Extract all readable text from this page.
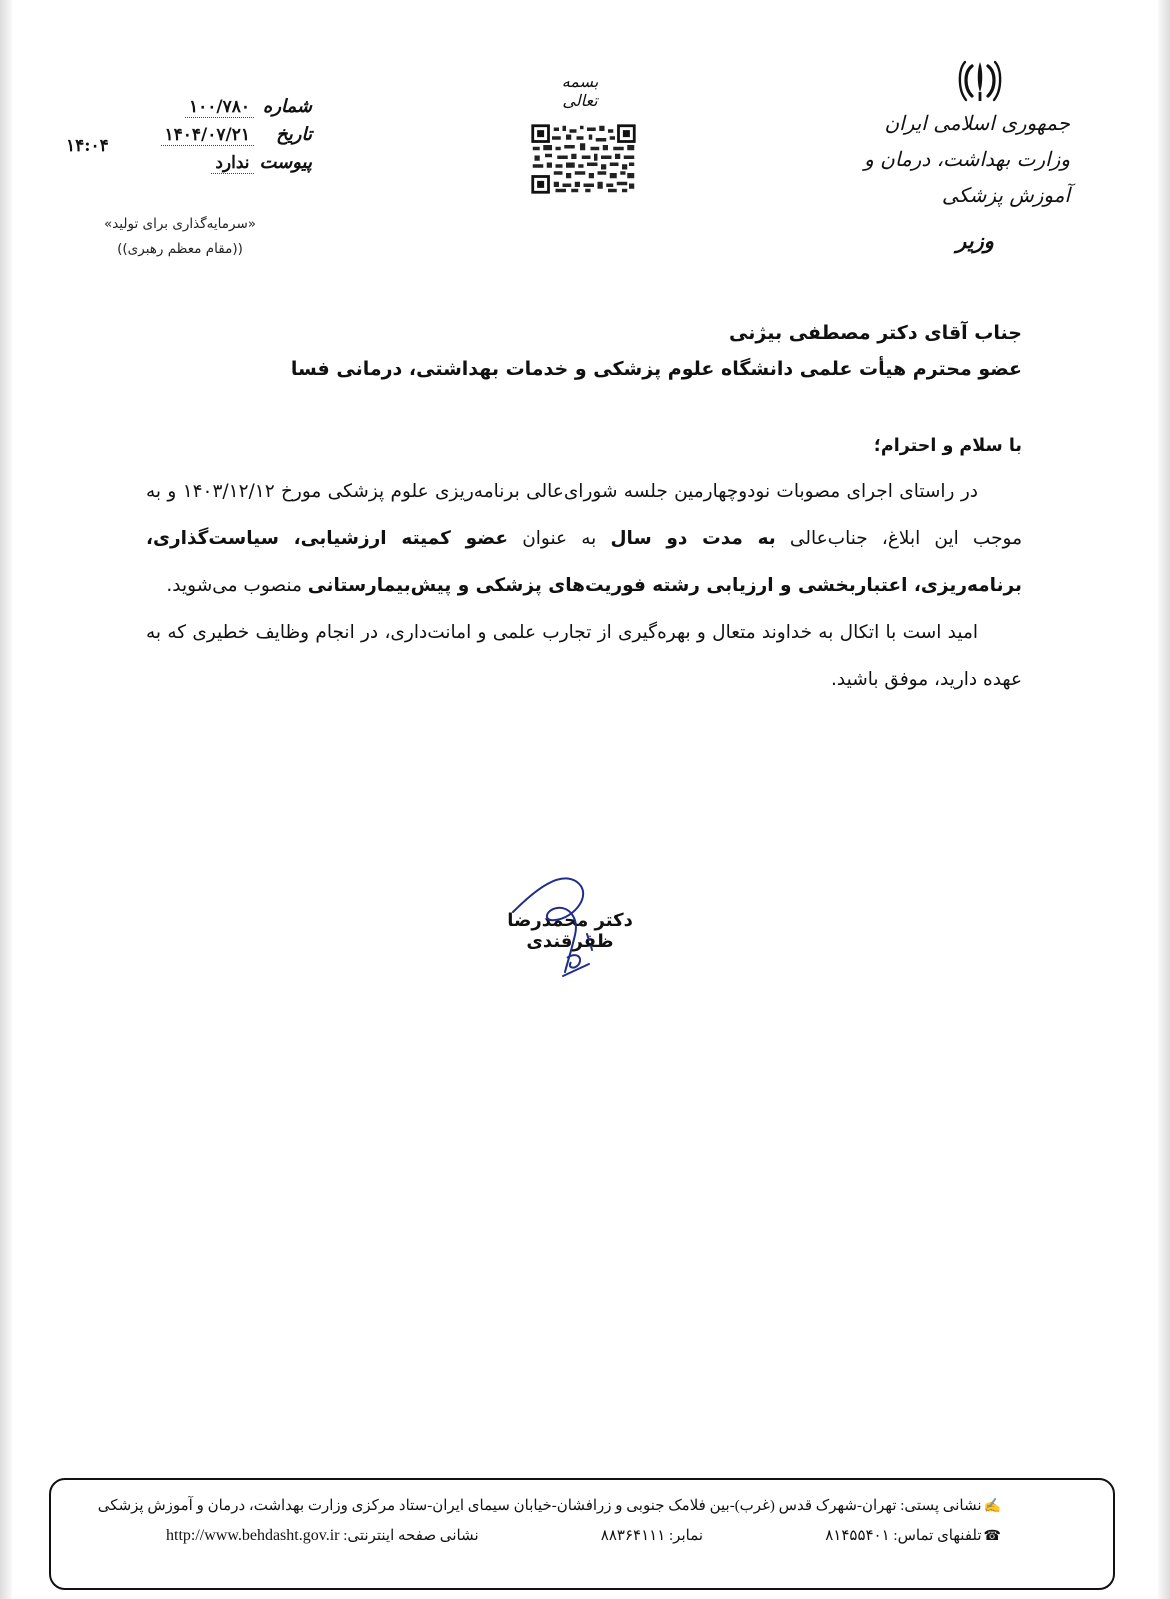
شماره
۱۰۰/۷۸۰
تاریخ
۱۴۰۴/۰۷/۲۱
پیوست
ندارد
۱۴:۰۴
«سرمایه‌گذاری برای تولید»
((مقام معظم رهبری))
بسمه تعالی
جمهوری اسلامی ایران
وزارت بهداشت، درمان و آموزش پزشکی
وزیر
جناب آقای دکتر مصطفی بیژنی
عضو محترم هیأت علمی دانشگاه علوم پزشکی و خدمات بهداشتی، درمانی فسا
با سلام و احترام؛

در راستای اجرای مصوبات نودوچهارمین جلسه شورای‌عالی برنامه‌ریزی علوم پزشکی مورخ ۱۴۰۳/۱۲/۱۲ و به موجب این ابلاغ، جناب‌عالی به مدت دو سال به عنوان عضو کمیته ارزشیابی، سیاست‌گذاری، برنامه‌ریزی، اعتباربخشی و ارزیابی رشته فوریت‌های پزشکی و پیش‌بیمارستانی منصوب می‌شوید.

امید است با اتکال به خداوند متعال و بهره‌گیری از تجارب علمی و امانت‌داری، در انجام وظایف خطیری که به عهده دارید، موفق باشید.

دکتر محمدرضا ظفرقندی
✍نشانی پستی: تهران-شهرک قدس (غرب)-بین فلامک جنوبی و زرافشان-خیابان سیمای ایران-ستاد مرکزی وزارت بهداشت، درمان و آموزش پزشکی
☎تلفنهای تماس: ۸۱۴۵۵۴۰۱
نمابر: ۸۸۳۶۴۱۱۱
نشانی صفحه اینترنتی: http://www.behdasht.gov.ir
